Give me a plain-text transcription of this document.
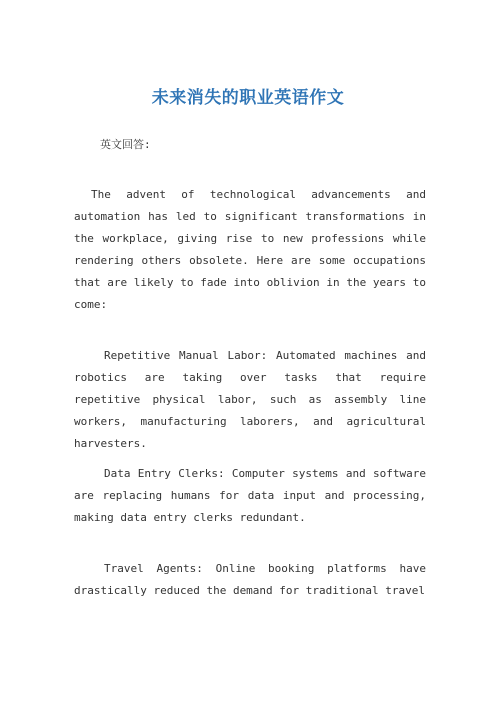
未来消失的职业英语作文

英文回答:

The advent of technological advancements and automation has led to significant transformations in the workplace, giving rise to new professions while rendering others obsolete. Here are some occupations that are likely to fade into oblivion in the years to come:

Repetitive Manual Labor: Automated machines and robotics are taking over tasks that require repetitive physical labor, such as assembly line workers, manufacturing laborers, and agricultural harvesters.

Data Entry Clerks: Computer systems and software are replacing humans for data input and processing, making data entry clerks redundant.

Travel Agents: Online booking platforms have drastically reduced the demand for traditional travel
